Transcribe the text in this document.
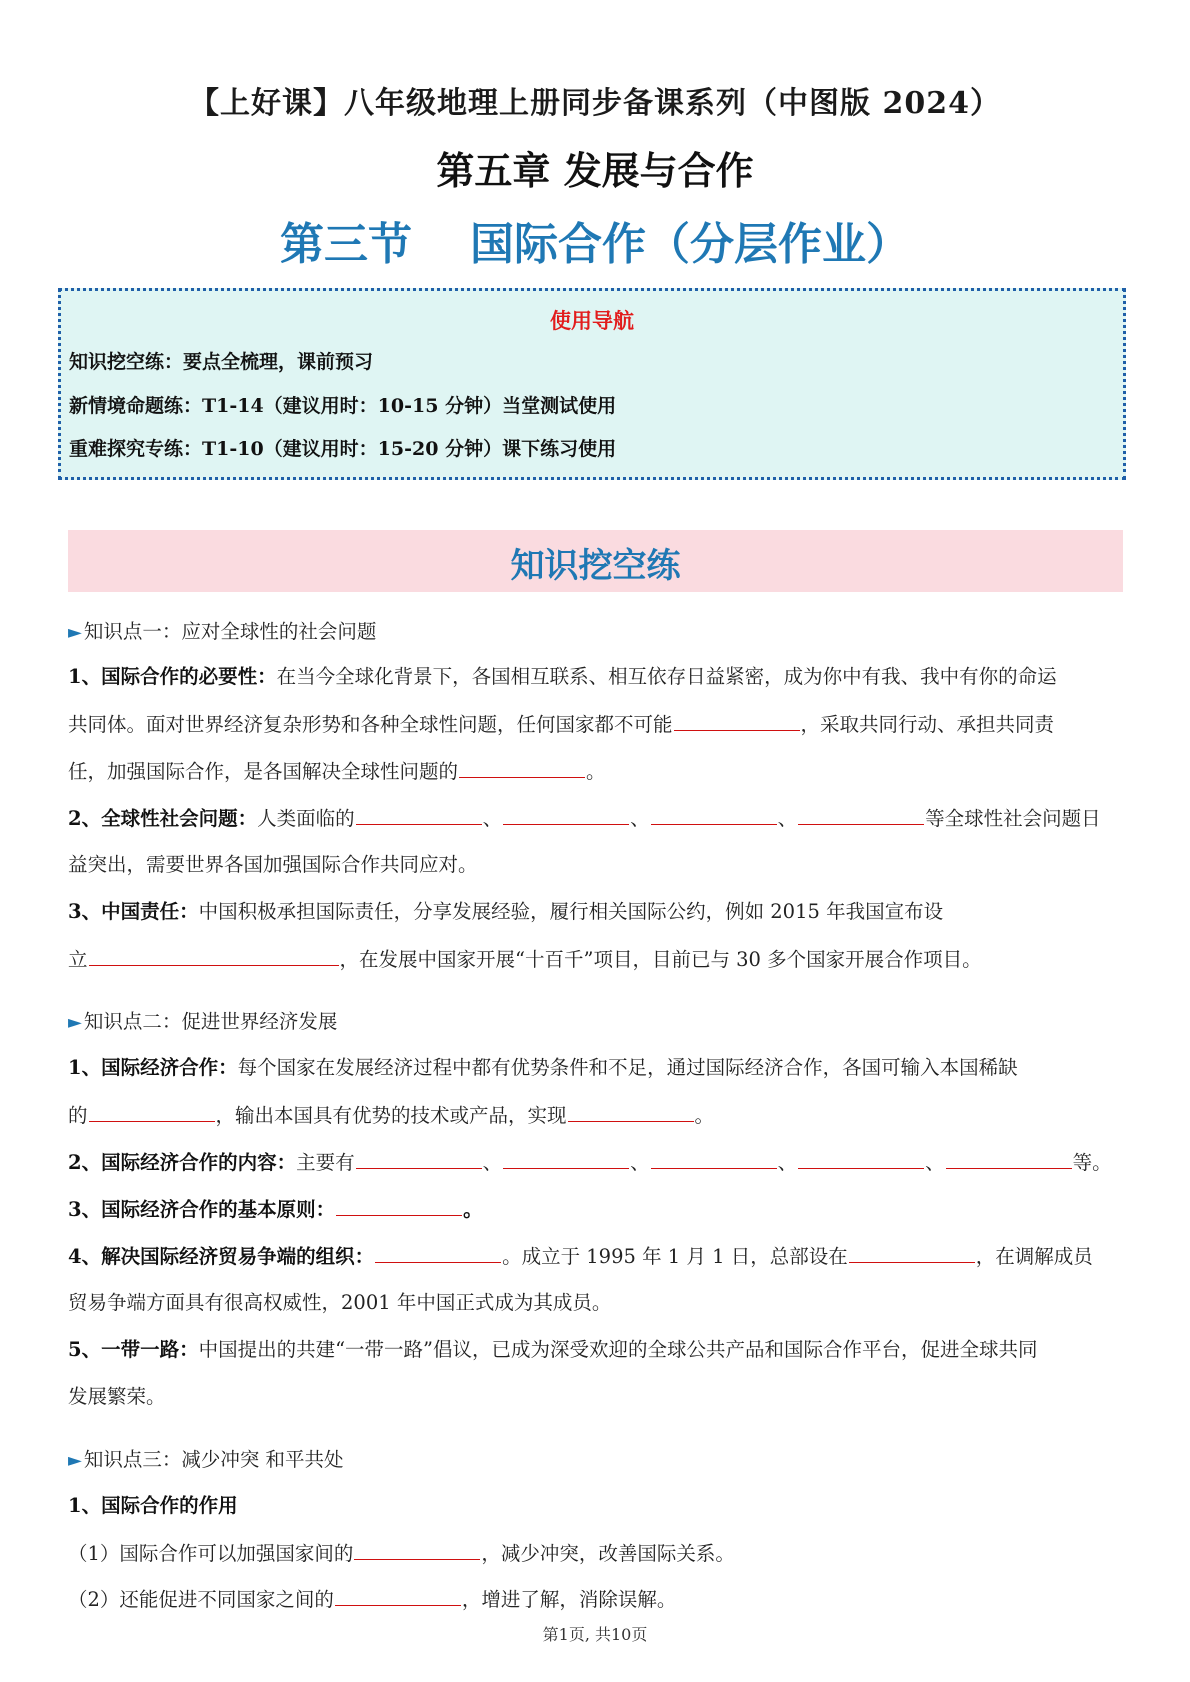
【上好课】八年级地理上册同步备课系列（中图版 2024）
第五章 发展与合作
第三节 国际合作（分层作业）
使用导航
知识挖空练：要点全梳理，课前预习
新情境命题练：T1-14（建议用时：10-15 分钟）当堂测试使用
重难探究专练：T1-10（建议用时：15-20 分钟）课下练习使用
知识挖空练
► 知识点一：应对全球性的社会问题
1、国际合作的必要性：在当今全球化背景下，各国相互联系、相互依存日益紧密，成为你中有我、我中有你的命运
共同体。面对世界经济复杂形势和各种全球性问题，任何国家都不可能	，采取共同行动、承担共同责
任，加强国际合作，是各国解决全球性问题的	。
2、全球性社会问题：人类面临的	、	、	、	等全球性社会问题日
益突出，需要世界各国加强国际合作共同应对。
3、中国责任：中国积极承担国际责任，分享发展经验，履行相关国际公约，例如 2015 年我国宣布设
立	，在发展中国家开展“十百千”项目，目前已与 30 多个国家开展合作项目。
► 知识点二：促进世界经济发展
1、国际经济合作：每个国家在发展经济过程中都有优势条件和不足，通过国际经济合作，各国可输入本国稀缺
的	，输出本国具有优势的技术或产品，实现	。
2、国际经济合作的内容：主要有	、	、	、	、	等。
3、国际经济合作的基本原则：	。
4、解决国际经济贸易争端的组织：	。成立于 1995 年 1 月 1 日，总部设在	，在调解成员
贸易争端方面具有很高权威性，2001 年中国正式成为其成员。
5、一带一路：中国提出的共建“一带一路”倡议，已成为深受欢迎的全球公共产品和国际合作平台，促进全球共同
发展繁荣。
► 知识点三：减少冲突 和平共处
1、国际合作的作用
（1）国际合作可以加强国家间的	，减少冲突，改善国际关系。
（2）还能促进不同国家之间的	，增进了解，消除误解。
第1页, 共10页
